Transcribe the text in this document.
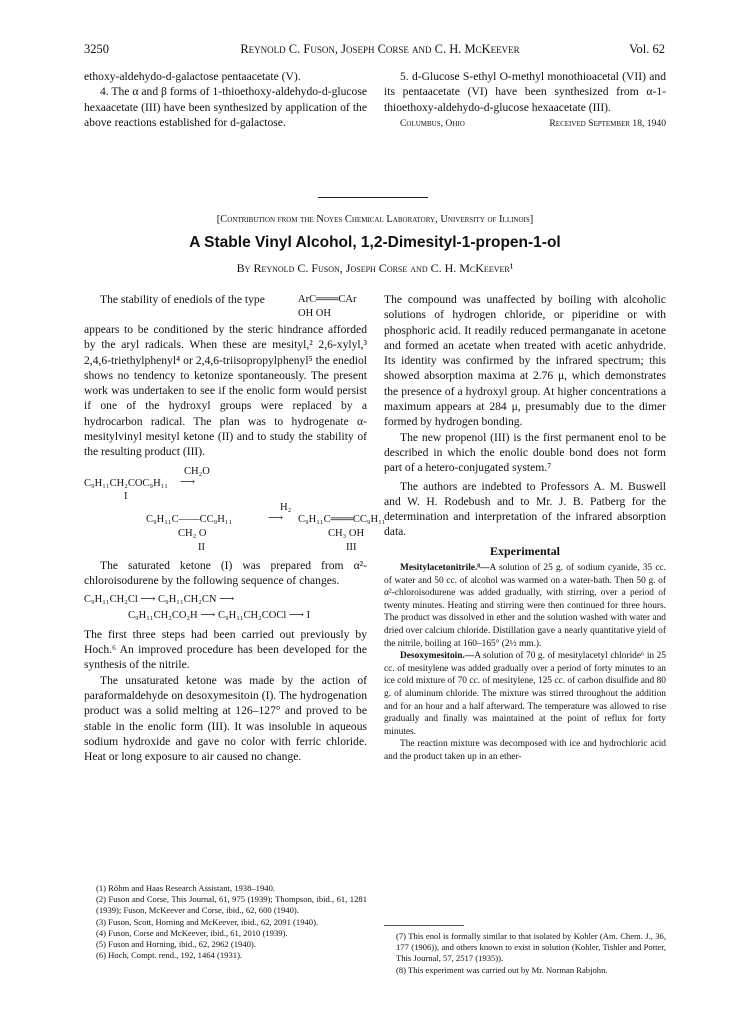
3250	Reynold C. Fuson, Joseph Corse and C. H. McKeever	Vol. 62

ethoxy-aldehydo-d-galactose pentaacetate (V).

4. The α and β forms of 1-thioethoxy-aldehydo-d-glucose hexaacetate (III) have been synthesized by application of the above reactions established for d-galactose.

5. d-Glucose S-ethyl O-methyl monothioacetal (VII) and its pentaacetate (VI) have been synthesized from α-1-thioethoxy-aldehydo-d-glucose hexaacetate (III).

Columbus, Ohio	Received September 18, 1940
[Contribution from the Noyes Chemical Laboratory, University of Illinois]
A Stable Vinyl Alcohol, 1,2-Dimesityl-1-propen-1-ol
By Reynold C. Fuson, Joseph Corse and C. H. McKeever¹
The stability of enediols of the type	ArC═══CAr
OH OH

appears to be conditioned by the steric hindrance afforded by the aryl radicals. When these are mesityl,² 2,6-xylyl,³ 2,4,6-triethylphenyl⁴ or 2,4,6-triisopropylphenyl⁵ the enediol shows no tendency to ketonize spontaneously. The present work was undertaken to see if the enolic form would persist if one of the hydroxyl groups were replaced by a hydrocarbon radical. The plan was to hydrogenate α-mesitylvinyl mesityl ketone (II) and to study the stability of the resulting product (III).

CH₂O
C₉H₁₁CH₂COC₉H₁₁ ⟶
I
H₂
C₉H₁₁C——CC₉H₁₁	⟶ C₉H₁₁C═══CC₉H₁₁
CH₂ O	CH₃ OH
II	III

The saturated ketone (I) was prepared from α²-chloroisodurene by the following sequence of changes.

C₉H₁₁CH₂Cl ⟶ C₉H₁₁CH₂CN ⟶
C₉H₁₁CH₂CO₂H ⟶ C₉H₁₁CH₂COCl ⟶ I

The first three steps had been carried out previously by Hoch.⁶ An improved procedure has been developed for the synthesis of the nitrile.

The unsaturated ketone was made by the action of paraformaldehyde on desoxymesitoin (I). The hydrogenation product was a solid melting at 126–127° and proved to be stable in the enolic form (III). It was insoluble in aqueous sodium hydroxide and gave no color with ferric chloride. Heat or long exposure to air caused no change.

(1) Röhm and Haas Research Assistant, 1938–1940.
(2) Fuson and Corse, This Journal, 61, 975 (1939); Thompson, ibid., 61, 1281 (1939); Fuson, McKeever and Corse, ibid., 62, 600 (1940).
(3) Fuson, Scott, Horning and McKeever, ibid., 62, 2091 (1940).
(4) Fuson, Corse and McKeever, ibid., 61, 2010 (1939).
(5) Fuson and Horning, ibid., 62, 2962 (1940).
(6) Hoch, Compt. rend., 192, 1464 (1931).

The compound was unaffected by boiling with alcoholic solutions of hydrogen chloride, or piperidine or with phosphoric acid. It readily reduced permanganate in acetone and formed an acetate when treated with acetic anhydride. Its identity was confirmed by the infrared spectrum; this showed absorption maxima at 2.76 μ, which demonstrates the presence of a hydroxyl group. At higher concentrations a maximum appears at 284 μ, presumably due to the dimer formed by hydrogen bonding.

The new propenol (III) is the first permanent enol to be described in which the enolic double bond does not form part of a hetero-conjugated system.⁷

The authors are indebted to Professors A. M. Buswell and W. H. Rodebush and to Mr. J. B. Patberg for the determination and interpretation of the infrared absorption data.

Experimental

Mesitylacetonitrile.⁸—A solution of 25 g. of sodium cyanide, 35 cc. of water and 50 cc. of alcohol was warmed on a water-bath. Then 50 g. of α²-chloroisodurene was added gradually, with stirring, over a period of twenty minutes. Heating and stirring were then continued for three hours. The product was dissolved in ether and the solution washed with water and dried over calcium chloride. Distillation gave a nearly quantitative yield of the nitrile, boiling at 160–165° (2½ mm.).

Desoxymesitoin.—A solution of 70 g. of mesitylacetyl chloride⁶ in 25 cc. of mesitylene was added gradually over a period of forty minutes to an ice cold mixture of 70 cc. of mesitylene, 125 cc. of carbon disulfide and 80 g. of aluminum chloride. The mixture was stirred throughout the addition and for an hour and a half afterward. The temperature was allowed to rise gradually and finally was maintained at the point of reflux for forty minutes.

The reaction mixture was decomposed with ice and hydrochloric acid and the product taken up in an ether-

(7) This enol is formally similar to that isolated by Kohler (Am. Chem. J., 36, 177 (1906)), and others known to exist in solution (Kohler, Tishler and Potter, This Journal, 57, 2517 (1935)).
(8) This experiment was carried out by Mr. Norman Rabjohn.
